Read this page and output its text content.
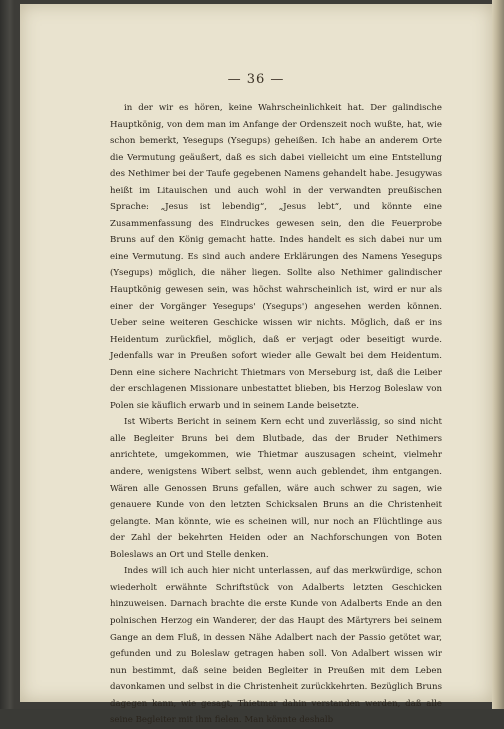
— 36 —

in der wir es hören, keine Wahrscheinlichkeit hat. Der galindische Hauptkönig, von dem man im Anfange der Ordenszeit noch wußte, hat, wie schon bemerkt, Yesegups (Ysegups) geheißen. Ich habe an anderem Orte die Vermutung geäußert, daß es sich dabei vielleicht um eine Entstellung des Nethimer bei der Taufe gegebenen Namens gehandelt habe. Jesugywas heißt im Litauischen und auch wohl in der verwandten preußischen Sprache: „Jesus ist lebendig“, „Jesus lebt“, und könnte eine Zusammenfassung des Eindruckes gewesen sein, den die Feuerprobe Bruns auf den König gemacht hatte. Indes handelt es sich dabei nur um eine Vermutung. Es sind auch andere Erklärungen des Namens Yesegups (Ysegups) möglich, die näher liegen. Sollte also Nethimer galindischer Hauptkönig gewesen sein, was höchst wahrscheinlich ist, wird er nur als einer der Vorgänger Yesegups' (Ysegups') angesehen werden können. Ueber seine weiteren Geschicke wissen wir nichts. Möglich, daß er ins Heidentum zurückfiel, möglich, daß er verjagt oder beseitigt wurde. Jedenfalls war in Preußen sofort wieder alle Gewalt bei dem Heidentum. Denn eine sichere Nachricht Thietmars von Merseburg ist, daß die Leiber der erschlagenen Missionare unbestattet blieben, bis Herzog Boleslaw von Polen sie käuflich erwarb und in seinem Lande beisetzte.

Ist Wiberts Bericht in seinem Kern echt und zuverlässig, so sind nicht alle Begleiter Bruns bei dem Blutbade, das der Bruder Nethimers anrichtete, umgekommen, wie Thietmar auszusagen scheint, vielmehr andere, wenigstens Wibert selbst, wenn auch geblendet, ihm entgangen. Wären alle Genossen Bruns gefallen, wäre auch schwer zu sagen, wie genauere Kunde von den letzten Schicksalen Bruns an die Christenheit gelangte. Man könnte, wie es scheinen will, nur noch an Flüchtlinge aus der Zahl der bekehrten Heiden oder an Nachforschungen von Boten Boleslaws an Ort und Stelle denken.

Indes will ich auch hier nicht unterlassen, auf das merkwürdige, schon wiederholt erwähnte Schriftstück von Adalberts letzten Geschicken hinzuweisen. Darnach brachte die erste Kunde von Adalberts Ende an den polnischen Herzog ein Wanderer, der das Haupt des Märtyrers bei seinem Gange an dem Fluß, in dessen Nähe Adalbert nach der Passio getötet war, gefunden und zu Boleslaw getragen haben soll. Von Adalbert wissen wir nun bestimmt, daß seine beiden Begleiter in Preußen mit dem Leben davonkamen und selbst in die Christenheit zurückkehrten. Bezüglich Bruns dagegen kann, wie gesagt, Thietmar dahin verstanden werden, daß alle seine Begleiter mit ihm fielen. Man könnte deshalb
